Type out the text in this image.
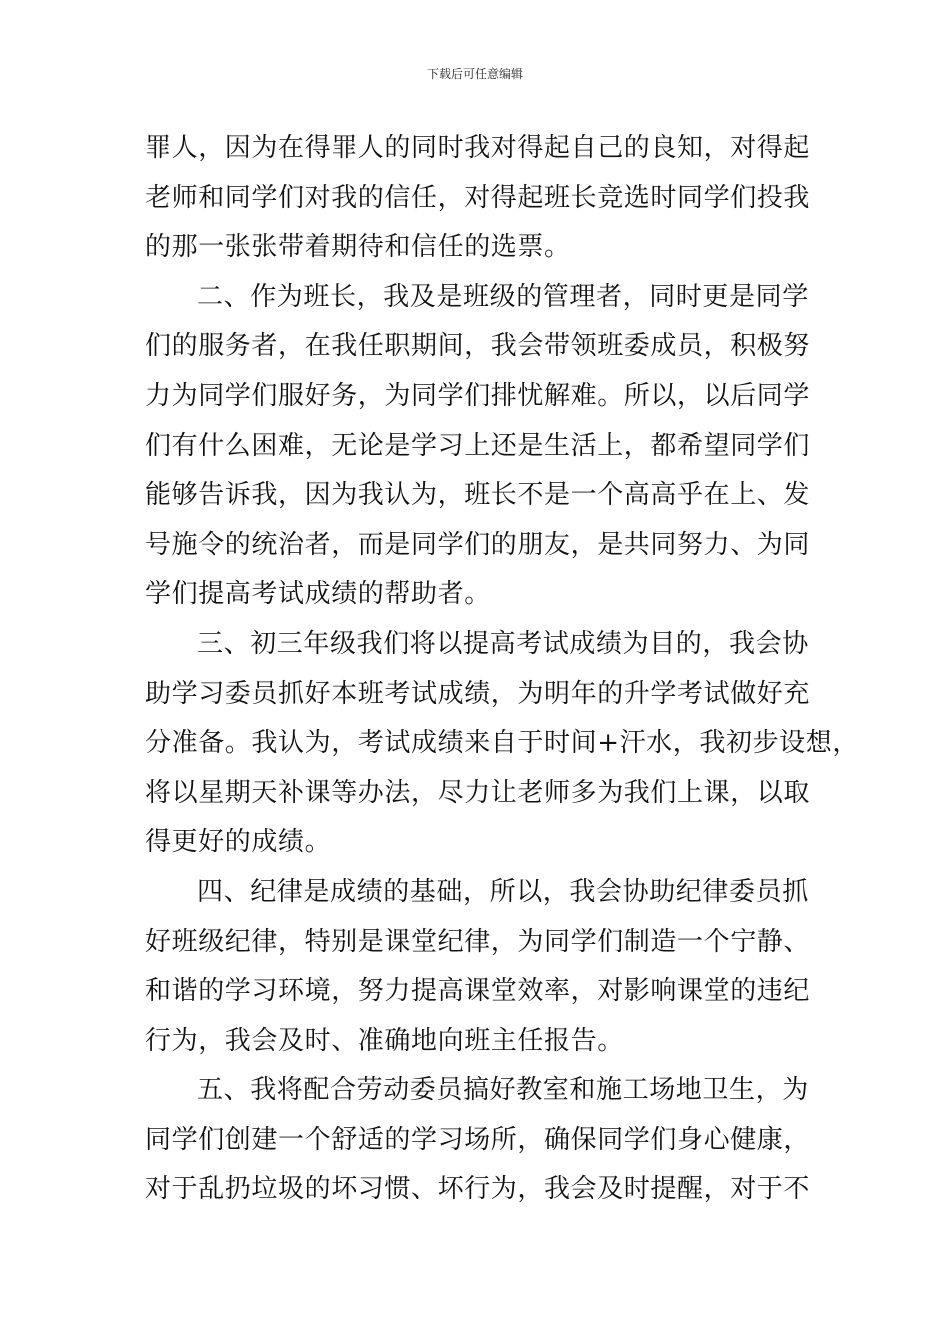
下载后可任意编辑
罪人，因为在得罪人的同时我对得起自己的良知，对得起
老师和同学们对我的信任，对得起班长竞选时同学们投我
的那一张张带着期待和信任的选票。
二、作为班长，我及是班级的管理者，同时更是同学
们的服务者，在我任职期间，我会带领班委成员，积极努
力为同学们服好务，为同学们排忧解难。所以，以后同学
们有什么困难，无论是学习上还是生活上，都希望同学们
能够告诉我，因为我认为，班长不是一个高高乎在上、发
号施令的统治者，而是同学们的朋友，是共同努力、为同
学们提高考试成绩的帮助者。
三、初三年级我们将以提高考试成绩为目的，我会协
助学习委员抓好本班考试成绩，为明年的升学考试做好充
分准备。我认为，考试成绩来自于时间+汗水，我初步设想，
将以星期天补课等办法，尽力让老师多为我们上课，以取
得更好的成绩。
四、纪律是成绩的基础，所以，我会协助纪律委员抓
好班级纪律，特别是课堂纪律，为同学们制造一个宁静、
和谐的学习环境，努力提高课堂效率，对影响课堂的违纪
行为，我会及时、准确地向班主任报告。
五、我将配合劳动委员搞好教室和施工场地卫生，为
同学们创建一个舒适的学习场所，确保同学们身心健康，
对于乱扔垃圾的坏习惯、坏行为，我会及时提醒，对于不
